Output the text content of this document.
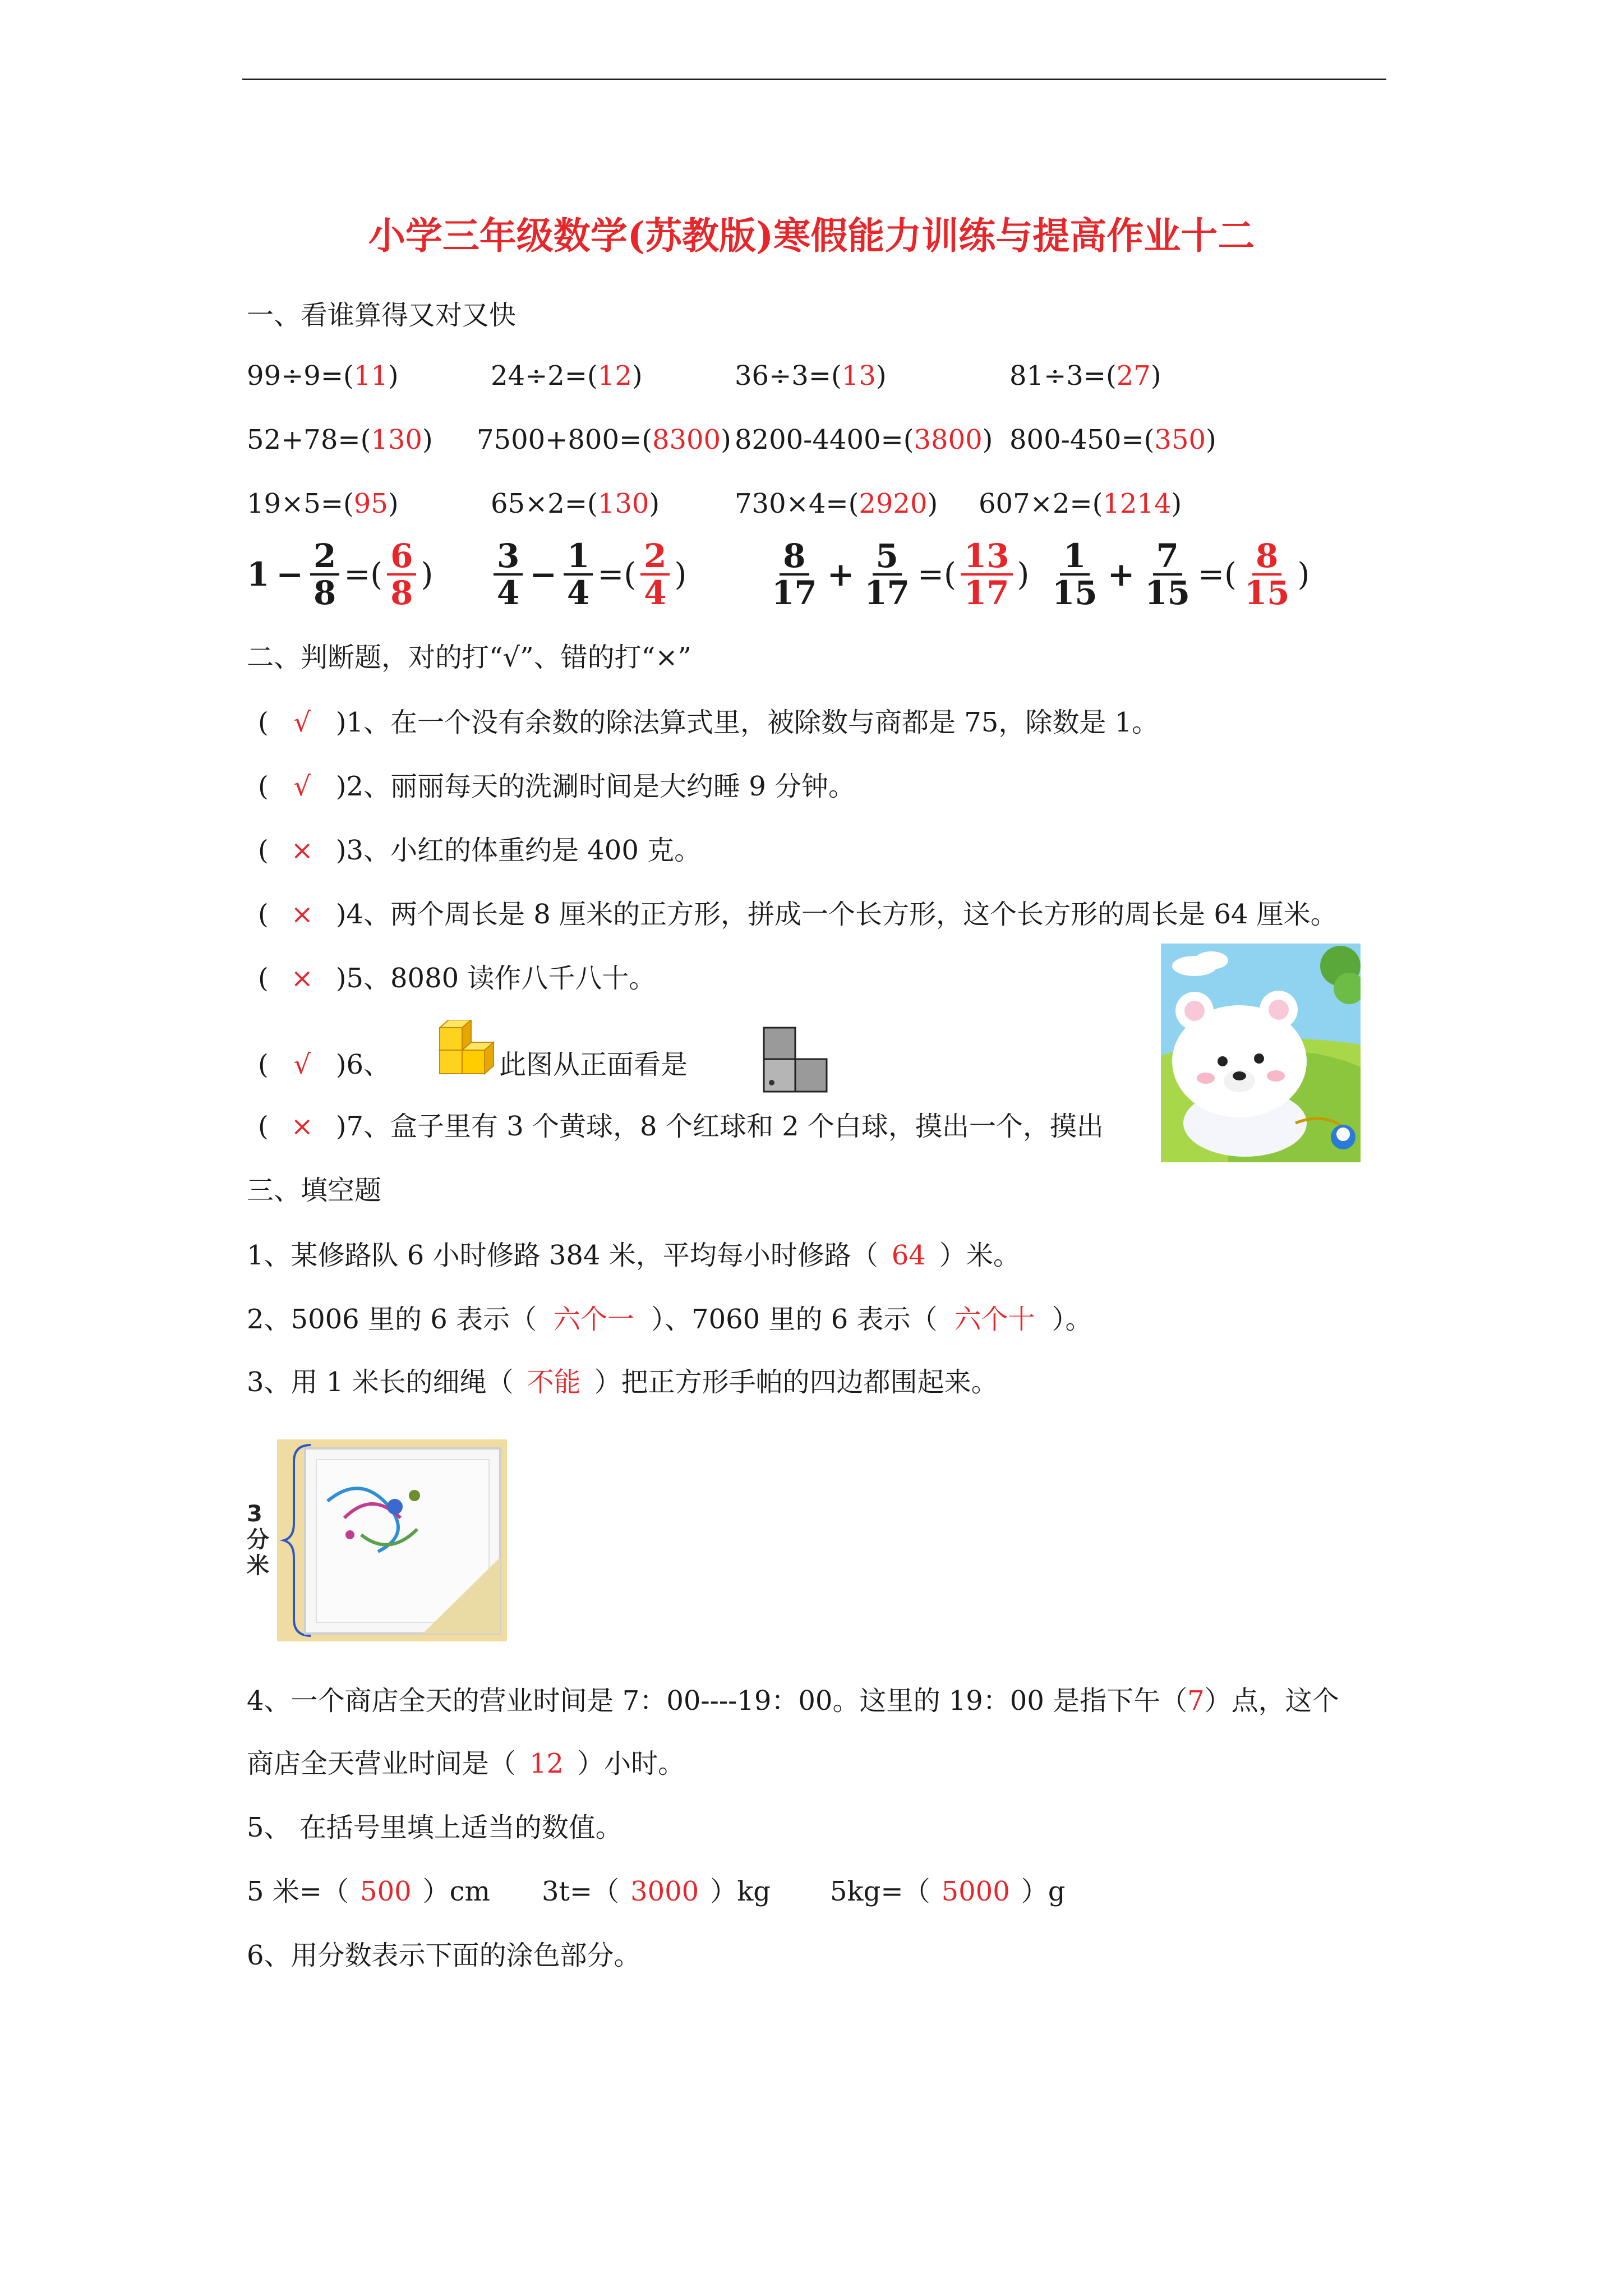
小学三年级数学(苏教版)寒假能力训练与提高作业十二
一、看谁算得又对又快
99÷9=(11)	24÷2=(12)	36÷3=(13)	81÷3=(27)
52+78=(130) 7500+800=(8300) 8200-4400=(3800) 800-450=(350)
19×5=(95)	65×2=(130)	730×4=(2920) 607×2=(1214)
$1 - \frac{2}{8}$ =( $\frac{6}{8}$ ) $\frac{3}{4} - \frac{1}{4}$ =( $\frac{2}{4}$ )	$\frac{8}{17} + \frac{5}{17}$ =( $\frac{13}{17}$ ) $\frac{1}{15} + \frac{7}{15}$ =( $\frac{8}{15}$ )
二、判断题，对的打“√”、错的打“×”
( √ )1、在一个没有余数的除法算式里，被除数与商都是 75，除数是 1。
( √ )2、丽丽每天的洗涮时间是大约睡 9 分钟。
( × )3、小红的体重约是 400 克。
( × )4、两个周长是 8 厘米的正方形，拼成一个长方形，这个长方形的周长是 64 厘米。
( × )5、8080 读作八千八十。
( √ )6、	此图从正面看是
( × )7、盒子里有 3 个黄球，8 个红球和 2 个白球，摸出一个，摸出
三、填空题
1、某修路队 6 小时修路 384 米，平均每小时修路（ 64 ）米。
2、5006 里的 6 表示（ 六个一 ）、7060 里的 6 表示（ 六个十 ）。
3、用 1 米长的细绳（ 不能 ）把正方形手帕的四边都围起来。
3分米
4、一个商店全天的营业时间是 7：00----19：00。这里的 19：00 是指下午（7）点，这个
商店全天营业时间是（ 12 ）小时。
5、 在括号里填上适当的数值。
5 米=（ 500 ）cm 3t=（ 3000 ）kg 5kg=（ 5000 ）g
6、用分数表示下面的涂色部分。
